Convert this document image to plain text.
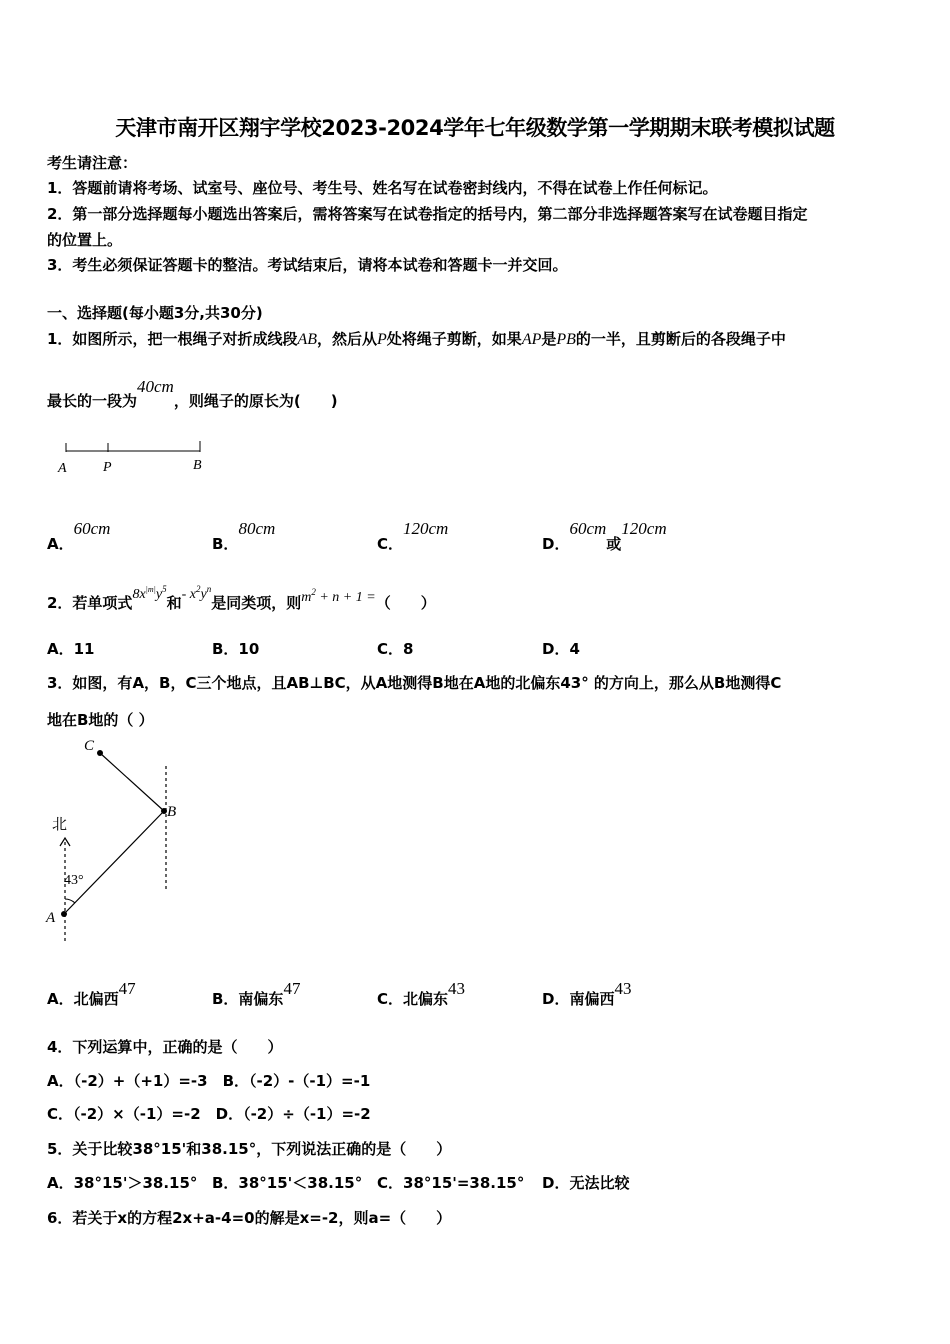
天津市南开区翔宇学校2023-2024学年七年级数学第一学期期末联考模拟试题
考生请注意：
1．答题前请将考场、试室号、座位号、考生号、姓名写在试卷密封线内，不得在试卷上作任何标记。
2．第一部分选择题每小题选出答案后，需将答案写在试卷指定的括号内，第二部分非选择题答案写在试卷题目指定
的位置上。
3．考生必须保证答题卡的整洁。考试结束后，请将本试卷和答题卡一并交回。
一、选择题(每小题3分,共30分)
1．如图所示，把一根绳子对折成线段AB，然后从P处将绳子剪断，如果AP是PB的一半，且剪断后的各段绳子中
最长的一段为40cm，则绳子的原长为(　　)
A	P	B
A．60cm
B．80cm
C．120cm
D．60cm或120cm
2．若单项式$8x^{|m|}y^5$和- $x^2y^n$是同类项，则$m^2 + n + 1$ =（　　）
A．11	B．10	C．8	D．4
3．如图，有A，B，C三个地点，且AB⊥BC，从A地测得B地在A地的北偏东43° 的方向上，那么从B地测得C
地在B地的（ ）
C
B
A
北
43°
A．北偏西47
B．南偏东47
C．北偏东43
D．南偏西43
4．下列运算中，正确的是（　　）
A．（-2）+（+1）=-3　B．（-2）-（-1）=-1
C．（-2）×（-1）=-2　D．（-2）÷（-1）=-2
5．关于比较38°15'和38.15°，下列说法正确的是（　　）
A．38°15'＞38.15° B．38°15'＜38.15° C．38°15'=38.15° D．无法比较
6．若关于x的方程2x+a-4=0的解是x=-2，则a=（　　）
